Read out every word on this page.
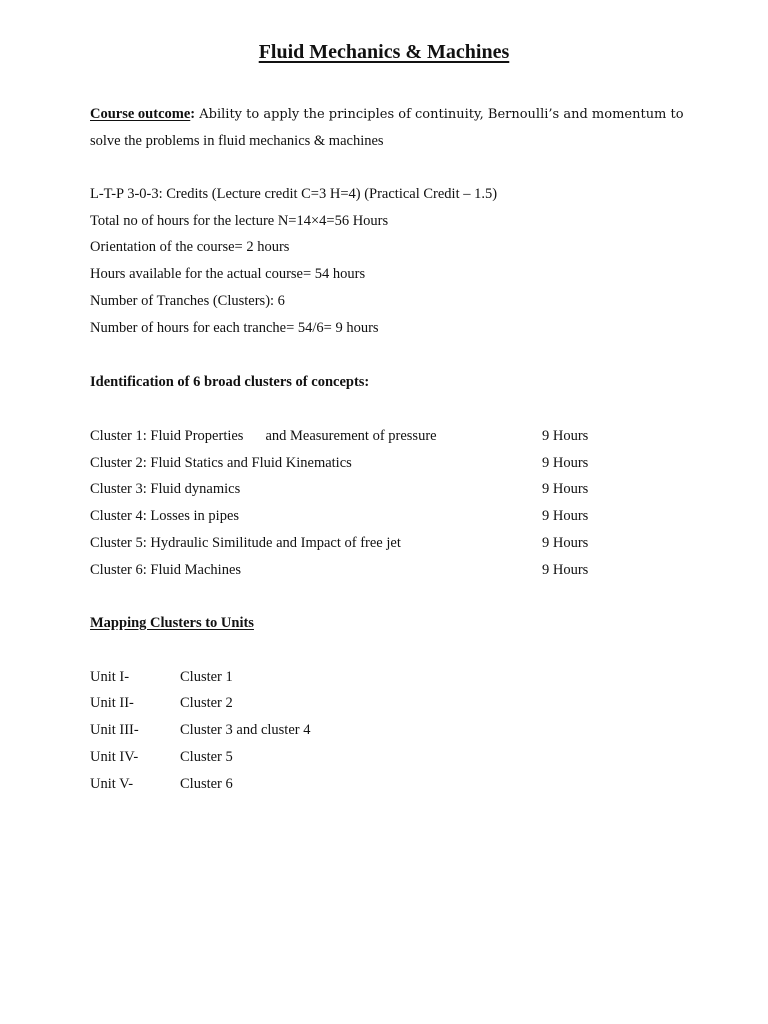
Fluid Mechanics & Machines
Course outcome: Ability to apply the principles of continuity, Bernoulli’s and momentum to
solve the problems in fluid mechanics & machines
L-T-P 3-0-3: Credits (Lecture credit C=3 H=4) (Practical Credit – 1.5)
Total no of hours for the lecture N=14×4=56 Hours
Orientation of the course= 2 hours
Hours available for the actual course= 54 hours
Number of Tranches (Clusters): 6
Number of hours for each tranche= 54/6= 9 hours
Identification of 6 broad clusters of concepts:
Cluster 1: Fluid Properties and Measurement of pressure	9 Hours
Cluster 2: Fluid Statics and Fluid Kinematics	9 Hours
Cluster 3: Fluid dynamics	9 Hours
Cluster 4: Losses in pipes	9 Hours
Cluster 5: Hydraulic Similitude and Impact of free jet	9 Hours
Cluster 6: Fluid Machines	9 Hours
Mapping Clusters to Units
Unit I-	Cluster 1
Unit II-	Cluster 2
Unit III-	Cluster 3 and cluster 4
Unit IV-	Cluster 5
Unit V-	Cluster 6
